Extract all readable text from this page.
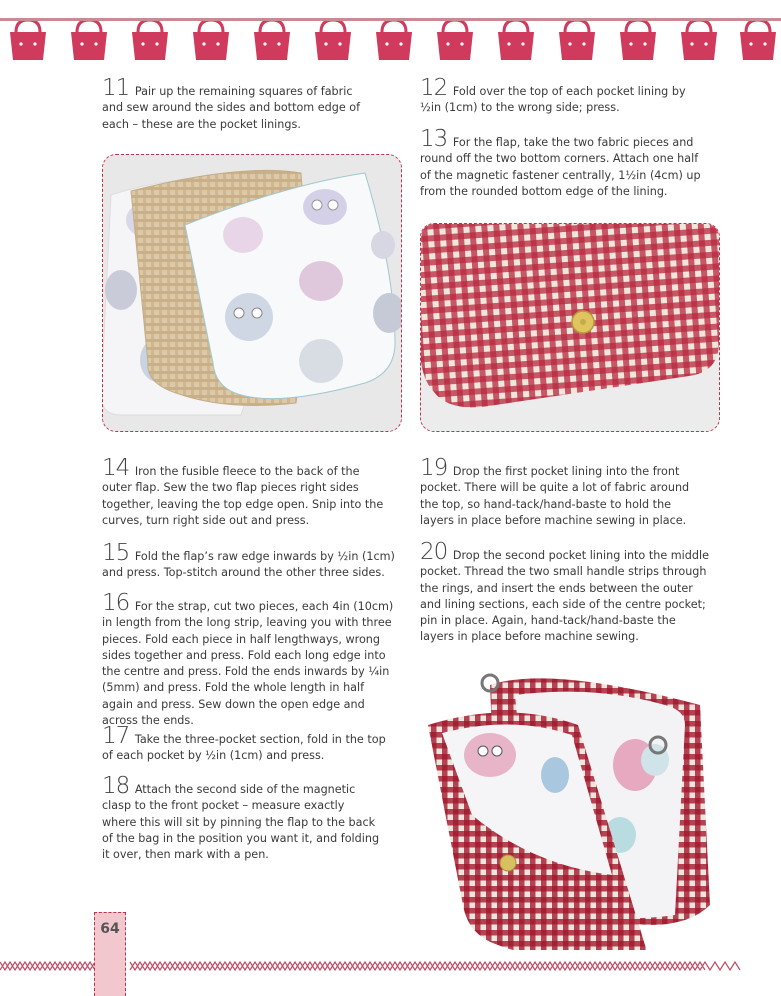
11 Pair up the remaining squares of fabric and sew around the sides and bottom edge of each – these are the pocket linings.

12 Fold over the top of each pocket lining by ½in (1cm) to the wrong side; press.

13 For the flap, take the two fabric pieces and round off the two bottom corners. Attach one half of the magnetic fastener centrally, 1½in (4cm) up from the rounded bottom edge of the lining.

14 Iron the fusible fleece to the back of the outer flap. Sew the two flap pieces right sides together, leaving the top edge open. Snip into the curves, turn right side out and press.

15 Fold the flap’s raw edge inwards by ½in (1cm) and press. Top-stitch around the other three sides.

16 For the strap, cut two pieces, each 4in (10cm) in length from the long strip, leaving you with three pieces. Fold each piece in half lengthways, wrong sides together and press. Fold each long edge into the centre and press. Fold the ends inwards by ¼in (5mm) and press. Fold the whole length in half again and press. Sew down the open edge and across the ends.

17 Take the three-pocket section, fold in the top of each pocket by ½in (1cm) and press.

18 Attach the second side of the magnetic clasp to the front pocket – measure exactly where this will sit by pinning the flap to the back of the bag in the position you want it, and folding it over, then mark with a pen.

19 Drop the first pocket lining into the front pocket. There will be quite a lot of fabric around the top, so hand-tack/hand-baste to hold the layers in place before machine sewing in place.

20 Drop the second pocket lining into the middle pocket. Thread the two small handle strips through the rings, and insert the ends between the outer and lining sections, each side of the centre pocket; pin in place. Again, hand-tack/hand-baste the layers in place before machine sewing.

64
